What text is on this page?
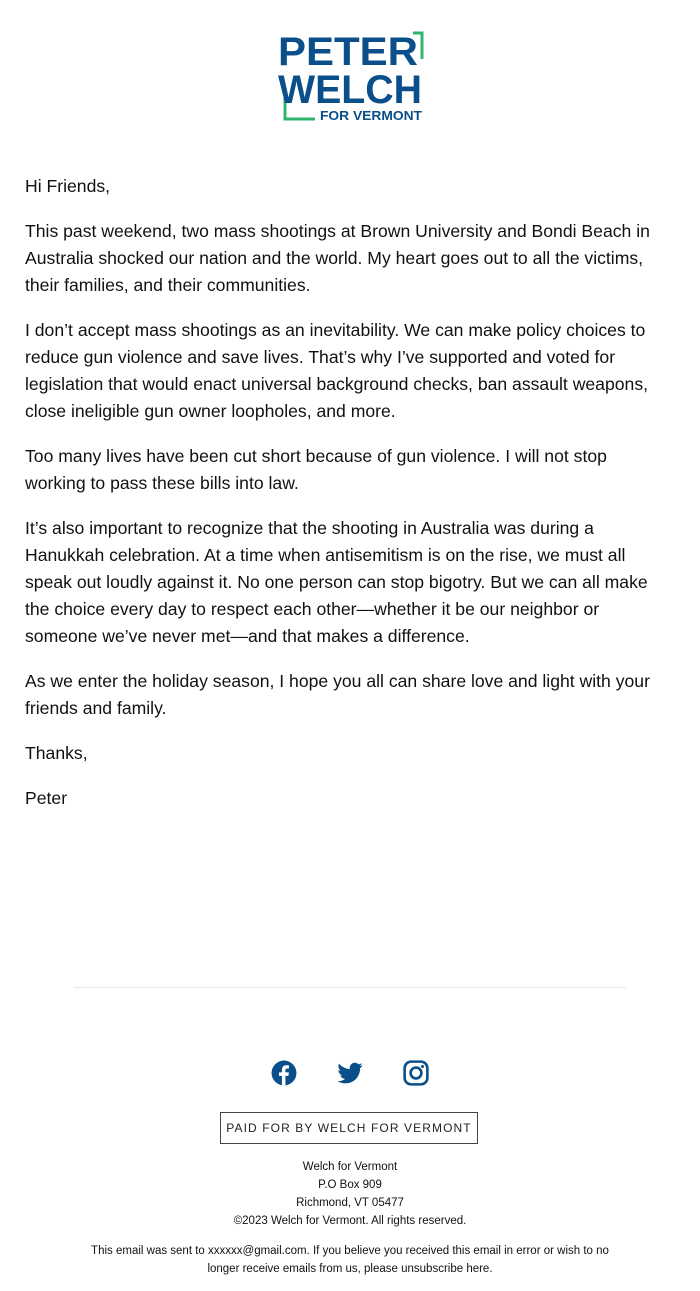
PETER
WELCH
FOR VERMONT

Hi Friends,

This past weekend, two mass shootings at Brown University and Bondi Beach in Australia shocked our nation and the world. My heart goes out to all the victims, their families, and their communities.

I don’t accept mass shootings as an inevitability. We can make policy choices to reduce gun violence and save lives. That’s why I’ve supported and voted for legislation that would enact universal background checks, ban assault weapons, close ineligible gun owner loopholes, and more.

Too many lives have been cut short because of gun violence. I will not stop working to pass these bills into law.

It’s also important to recognize that the shooting in Australia was during a Hanukkah celebration. At a time when antisemitism is on the rise, we must all speak out loudly against it. No one person can stop bigotry. But we can all make the choice every day to respect each other—whether it be our neighbor or someone we’ve never met—and that makes a difference.

As we enter the holiday season, I hope you all can share love and light with your friends and family.

Thanks,

Peter

PAID FOR BY WELCH FOR VERMONT
Welch for Vermont
P.O Box 909
Richmond, VT 05477
©2023 Welch for Vermont. All rights reserved.
This email was sent to xxxxxx@gmail.com. If you believe you received this email in error or wish to no longer receive emails from us, please unsubscribe here.
